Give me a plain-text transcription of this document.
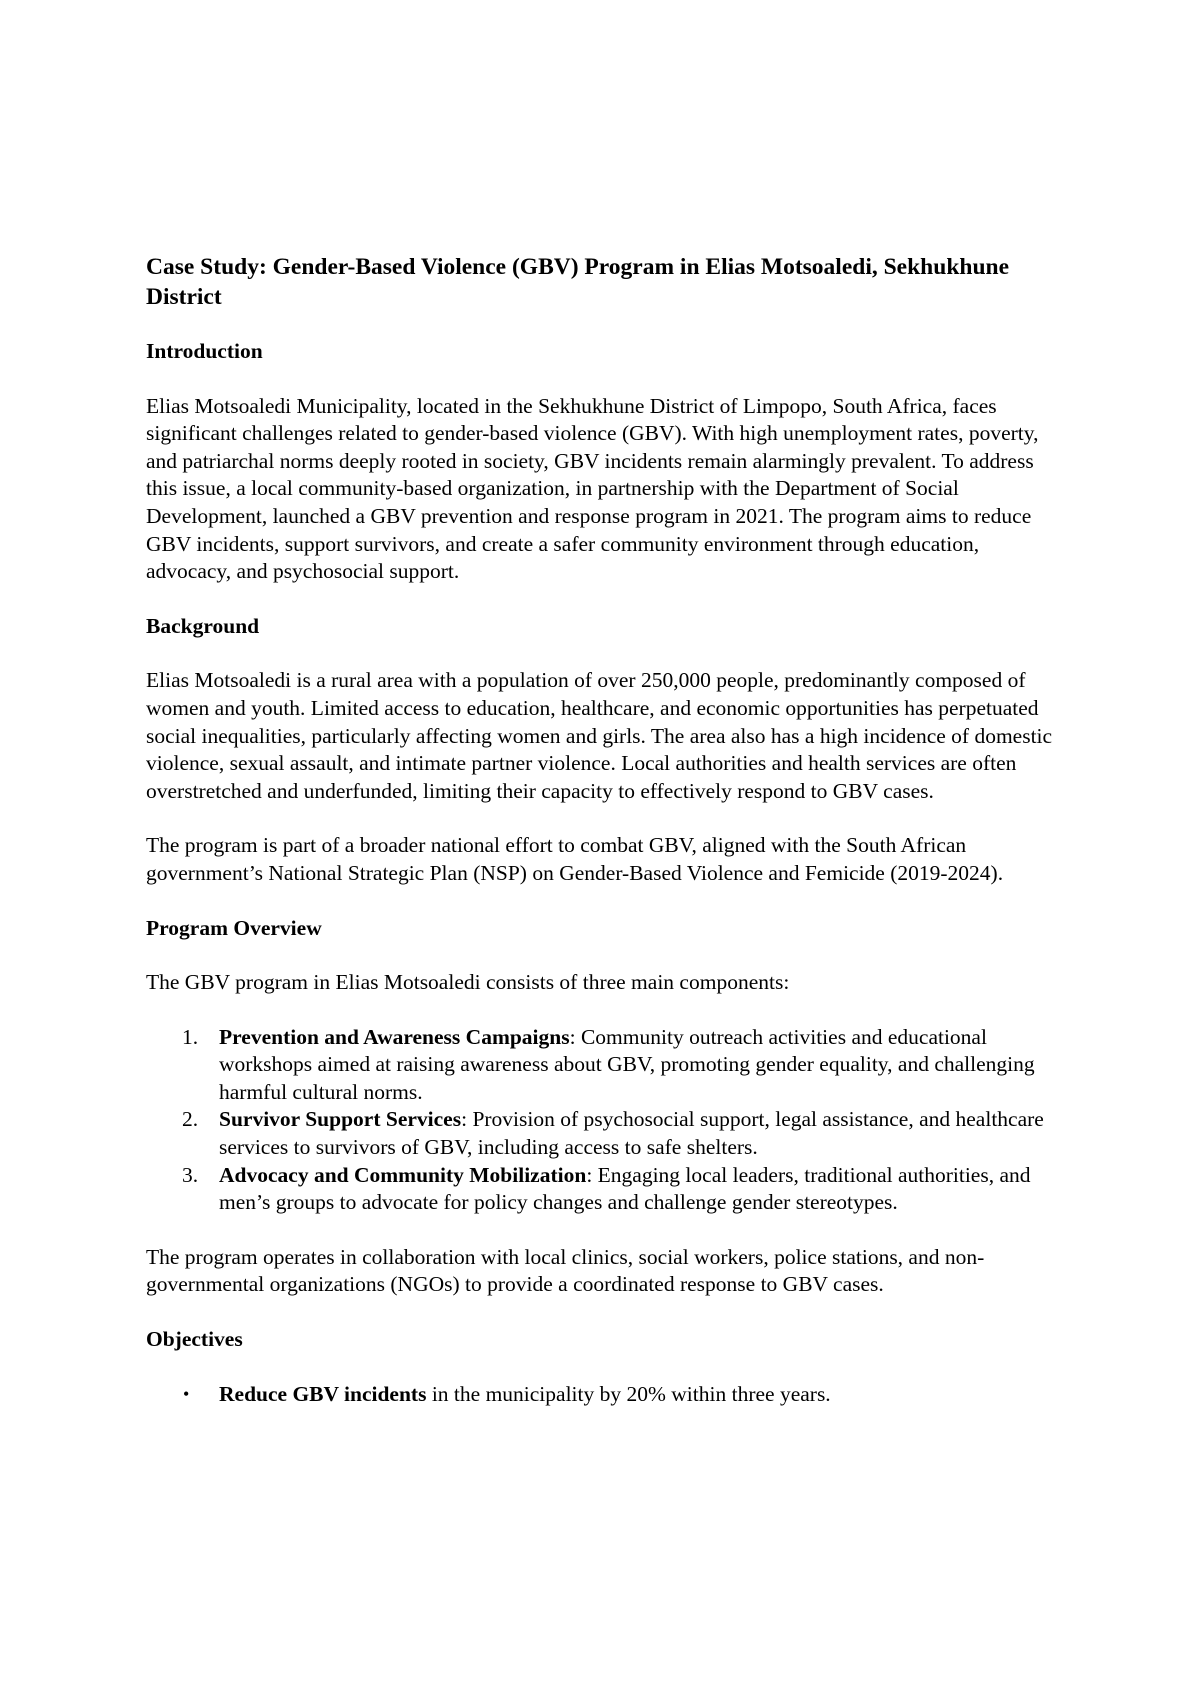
Case Study: Gender-Based Violence (GBV) Program in Elias Motsoaledi, Sekhukhune District
Introduction

Elias Motsoaledi Municipality, located in the Sekhukhune District of Limpopo, South Africa, faces significant challenges related to gender-based violence (GBV). With high unemployment rates, poverty, and patriarchal norms deeply rooted in society, GBV incidents remain alarmingly prevalent. To address this issue, a local community-based organization, in partnership with the Department of Social Development, launched a GBV prevention and response program in 2021. The program aims to reduce GBV incidents, support survivors, and create a safer community environment through education, advocacy, and psychosocial support.

Background

Elias Motsoaledi is a rural area with a population of over 250,000 people, predominantly composed of women and youth. Limited access to education, healthcare, and economic opportunities has perpetuated social inequalities, particularly affecting women and girls. The area also has a high incidence of domestic violence, sexual assault, and intimate partner violence. Local authorities and health services are often overstretched and underfunded, limiting their capacity to effectively respond to GBV cases.

The program is part of a broader national effort to combat GBV, aligned with the South African government’s National Strategic Plan (NSP) on Gender-Based Violence and Femicide (2019-2024).

Program Overview

The GBV program in Elias Motsoaledi consists of three main components:

1. Prevention and Awareness Campaigns: Community outreach activities and educational workshops aimed at raising awareness about GBV, promoting gender equality, and challenging harmful cultural norms.
2. Survivor Support Services: Provision of psychosocial support, legal assistance, and healthcare services to survivors of GBV, including access to safe shelters.
3. Advocacy and Community Mobilization: Engaging local leaders, traditional authorities, and men’s groups to advocate for policy changes and challenge gender stereotypes.

The program operates in collaboration with local clinics, social workers, police stations, and non-governmental organizations (NGOs) to provide a coordinated response to GBV cases.

Objectives
• Reduce GBV incidents in the municipality by 20% within three years.
